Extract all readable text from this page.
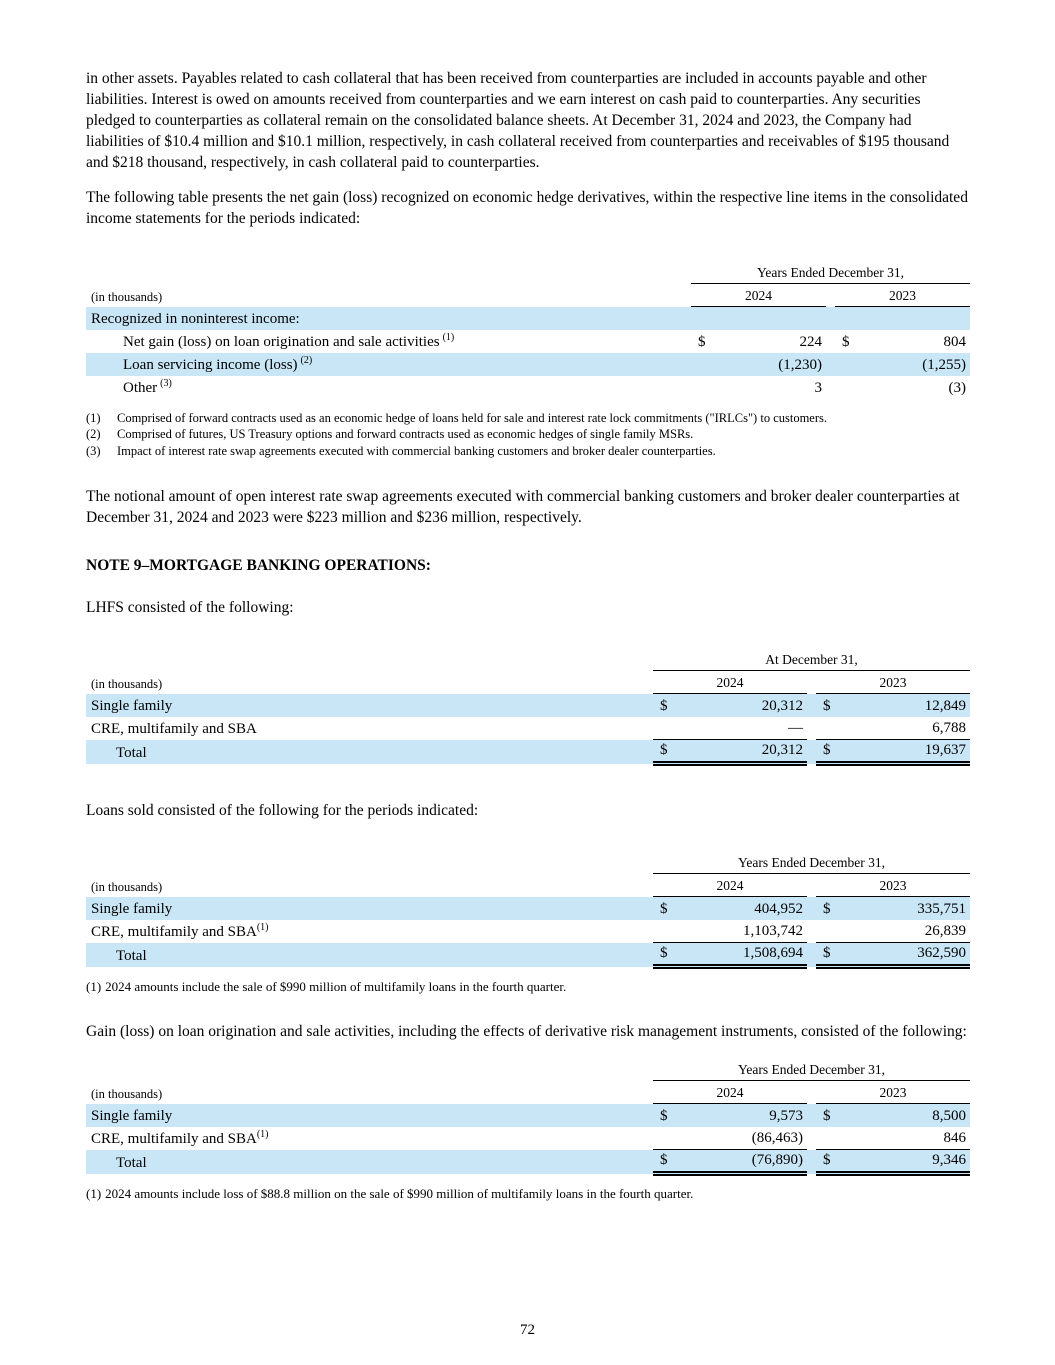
in other assets. Payables related to cash collateral that has been received from counterparties are included in accounts payable and other liabilities. Interest is owed on amounts received from counterparties and we earn interest on cash paid to counterparties. Any securities pledged to counterparties as collateral remain on the consolidated balance sheets. At December 31, 2024 and 2023, the Company had liabilities of $10.4 million and $10.1 million, respectively, in cash collateral received from counterparties and receivables of $195 thousand and $218 thousand, respectively, in cash collateral paid to counterparties.

The following table presents the net gain (loss) recognized on economic hedge derivatives, within the respective line items in the consolidated income statements for the periods indicated:

	Years Ended December 31,				
(in thousands)	2024			2023	
Recognized in noninterest income:					
Net gain (loss) on loan origination and sale activities $^{(1)}$	$	224		$	804
Loan servicing income (loss) $^{(2)}$		(1,230)			(1,255)
Other $^{(3)}$		3			(3)
(1)	Comprised of forward contracts used as an economic hedge of loans held for sale and interest rate lock commitments ("IRLCs") to customers.
(2)	Comprised of futures, US Treasury options and forward contracts used as economic hedges of single family MSRs.
(3)	Impact of interest rate swap agreements executed with commercial banking customers and broker dealer counterparties.

The notional amount of open interest rate swap agreements executed with commercial banking customers and broker dealer counterparties at December 31, 2024 and 2023 were $223 million and $236 million, respectively.

NOTE 9–MORTGAGE BANKING OPERATIONS:

LHFS consisted of the following:

	At December 31,				
(in thousands)	2024			2023	
Single family	$	20,312		$	12,849
CRE, multifamily and SBA		—			6,788
Total	$	20,312		$	19,637

Loans sold consisted of the following for the periods indicated:

	Years Ended December 31,				
(in thousands)	2024			2023	
Single family	$	404,952		$	335,751
CRE, multifamily and SBA$^{(1)}$		1,103,742			26,839
Total	$	1,508,694		$	362,590
(1) 2024 amounts include the sale of $990 million of multifamily loans in the fourth quarter.

Gain (loss) on loan origination and sale activities, including the effects of derivative risk management instruments, consisted of the following:

	Years Ended December 31,				
(in thousands)	2024			2023	
Single family	$	9,573		$	8,500
CRE, multifamily and SBA$^{(1)}$		(86,463)			846
Total	$	(76,890)		$	9,346
(1) 2024 amounts include loss of $88.8 million on the sale of $990 million of multifamily loans in the fourth quarter.
72
